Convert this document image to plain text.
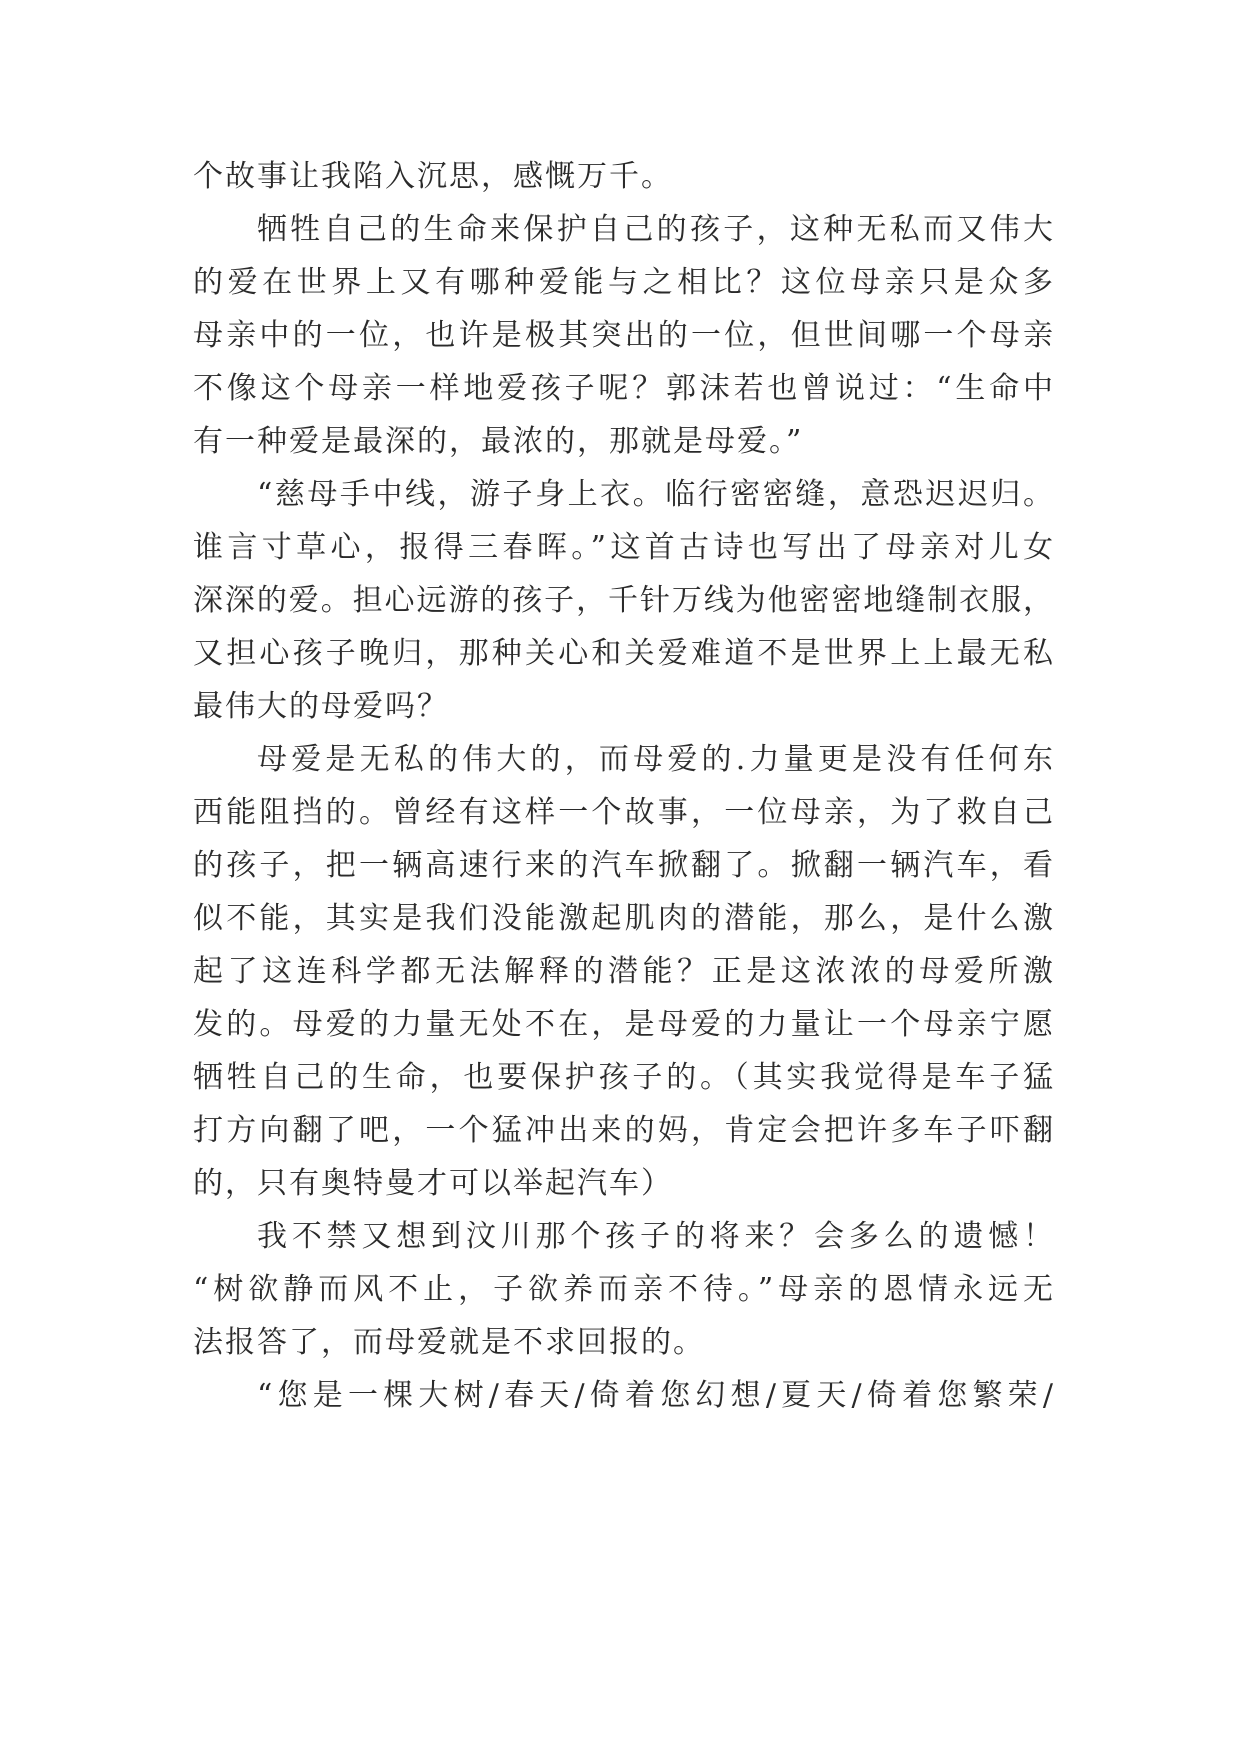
个故事让我陷入沉思，感慨万千。
牺牲自己的生命来保护自己的孩子，这种无私而又伟大
的爱在世界上又有哪种爱能与之相比？这位母亲只是众多
母亲中的一位，也许是极其突出的一位，但世间哪一个母亲
不像这个母亲一样地爱孩子呢？郭沫若也曾说过：“生命中
有一种爱是最深的，最浓的，那就是母爱。”
“慈母手中线，游子身上衣。临行密密缝，意恐迟迟归。
谁言寸草心，报得三春晖。”这首古诗也写出了母亲对儿女
深深的爱。担心远游的孩子，千针万线为他密密地缝制衣服，
又担心孩子晚归，那种关心和关爱难道不是世界上上最无私
最伟大的母爱吗？
母爱是无私的伟大的，而母爱的.力量更是没有任何东
西能阻挡的。曾经有这样一个故事，一位母亲，为了救自己
的孩子，把一辆高速行来的汽车掀翻了。掀翻一辆汽车，看
似不能，其实是我们没能激起肌肉的潜能，那么，是什么激
起了这连科学都无法解释的潜能？正是这浓浓的母爱所激
发的。母爱的力量无处不在，是母爱的力量让一个母亲宁愿
牺牲自己的生命，也要保护孩子的。（其实我觉得是车子猛
打方向翻了吧，一个猛冲出来的妈，肯定会把许多车子吓翻
的，只有奥特曼才可以举起汽车）
我不禁又想到汶川那个孩子的将来？会多么的遗憾！
“树欲静而风不止，子欲养而亲不待。”母亲的恩情永远无
法报答了，而母爱就是不求回报的。
“您是一棵大树/春天/倚着您幻想/夏天/倚着您繁荣/
